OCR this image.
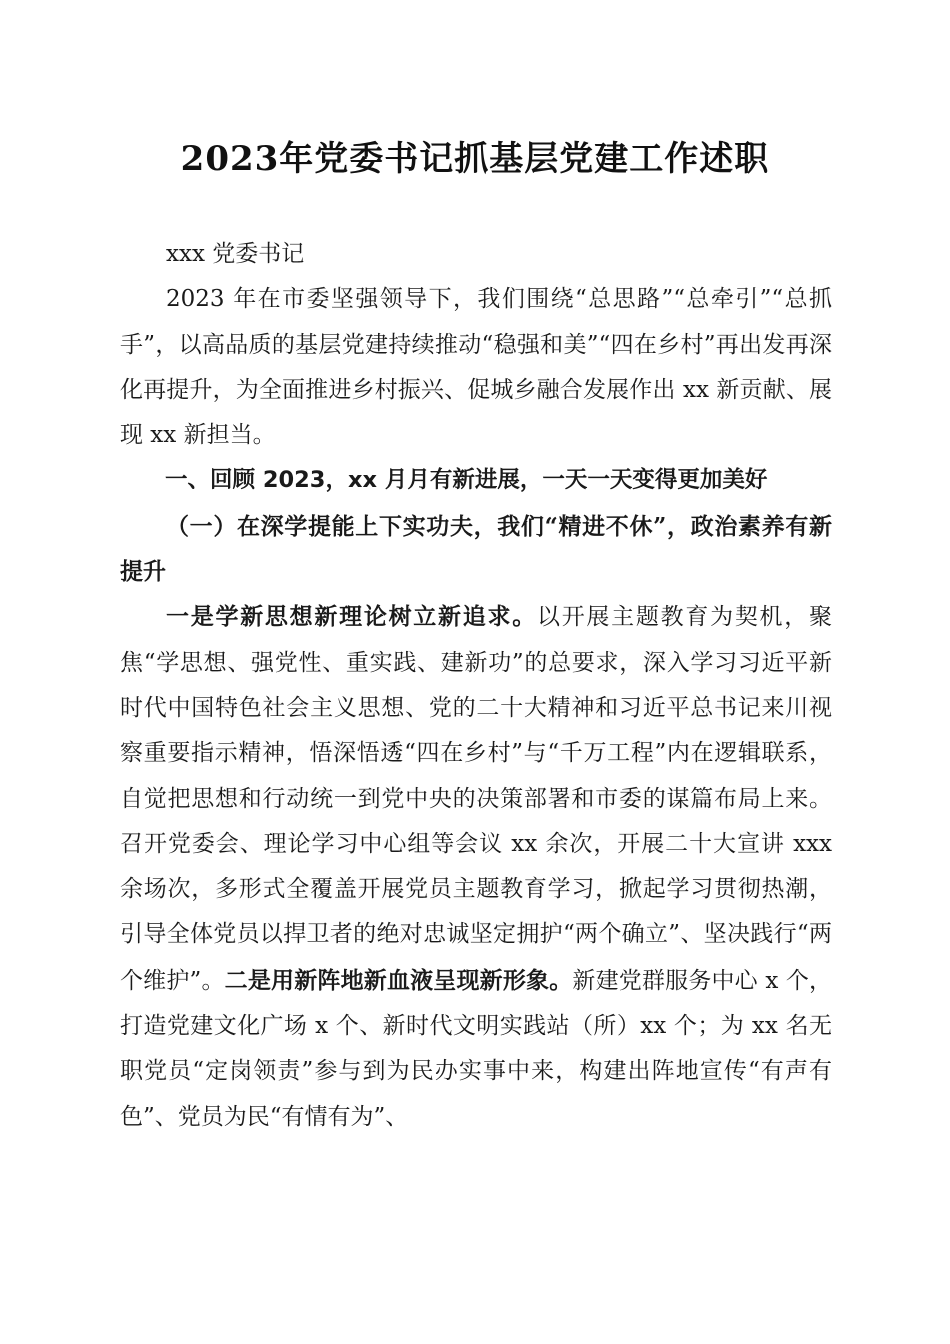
2023年党委书记抓基层党建工作述职

xxx 党委书记

2023 年在市委坚强领导下，我们围绕“总思路”“总牵引”“总抓手”，以高品质的基层党建持续推动“稳强和美”“四在乡村”再出发再深化再提升，为全面推进乡村振兴、促城乡融合发展作出 xx 新贡献、展现 xx 新担当。

一、回顾 2023，xx 月月有新进展，一天一天变得更加美好

（一）在深学提能上下实功夫，我们“精进不休”，政治素养有新提升

一是学新思想新理论树立新追求。以开展主题教育为契机，聚焦“学思想、强党性、重实践、建新功”的总要求，深入学习习近平新时代中国特色社会主义思想、党的二十大精神和习近平总书记来川视察重要指示精神，悟深悟透“四在乡村”与“千万工程”内在逻辑联系，自觉把思想和行动统一到党中央的决策部署和市委的谋篇布局上来。召开党委会、理论学习中心组等会议 xx 余次，开展二十大宣讲 xxx 余场次，多形式全覆盖开展党员主题教育学习，掀起学习贯彻热潮，引导全体党员以捍卫者的绝对忠诚坚定拥护“两个确立”、坚决践行“两个维护”。二是用新阵地新血液呈现新形象。新建党群服务中心 x 个，打造党建文化广场 x 个、新时代文明实践站（所）xx 个；为 xx 名无职党员“定岗领责”参与到为民办实事中来，构建出阵地宣传“有声有色”、党员为民“有情有为”、
